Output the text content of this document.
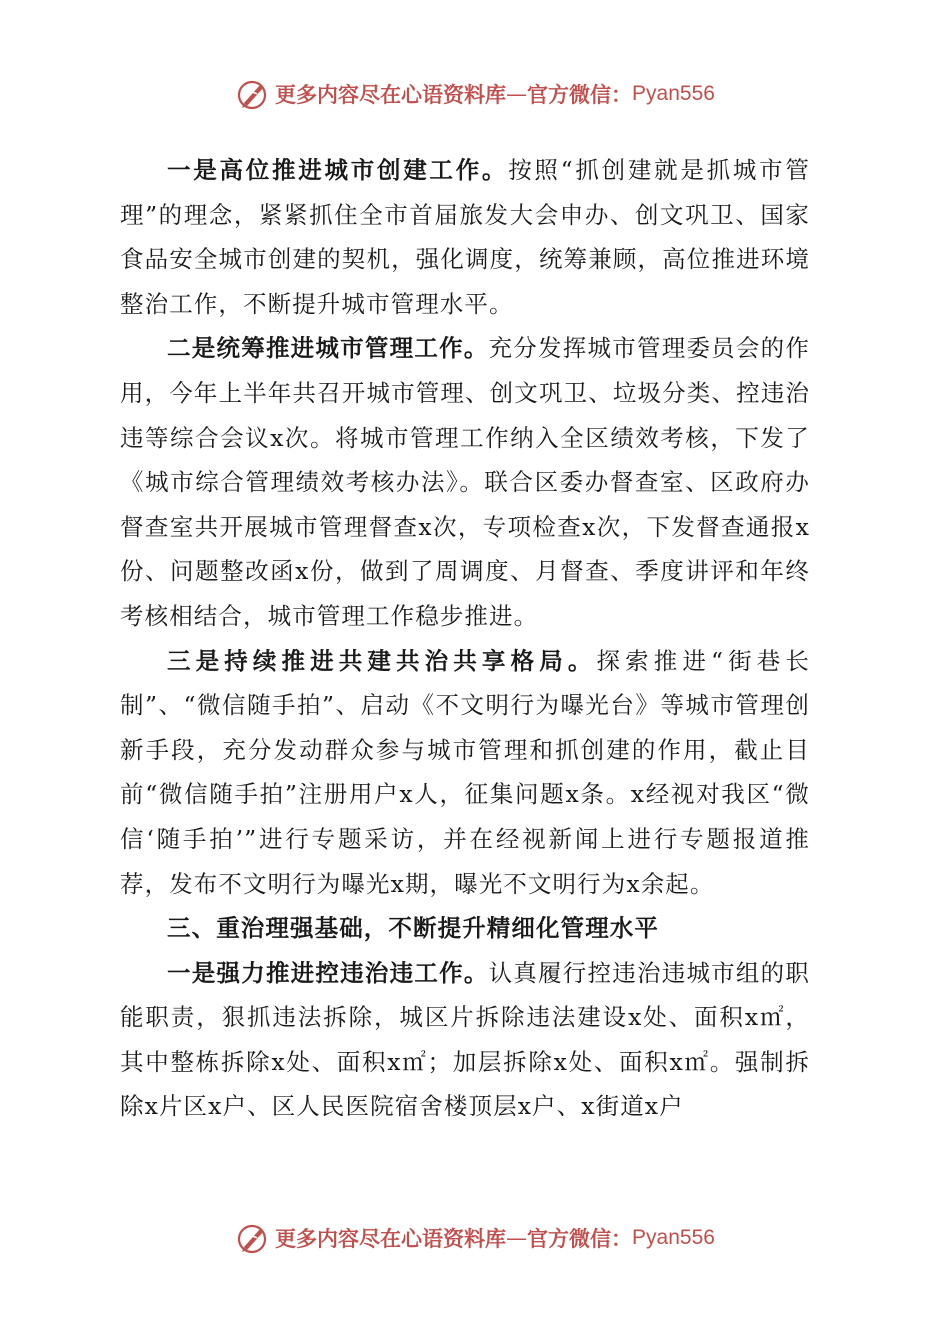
更多内容尽在心语资料库 — 官方微信： Pyan556

一是高位推进城市创建工作。按照“抓创建就是抓城市管理”的理念，紧紧抓住全市首届旅发大会申办、创文巩卫、国家食品安全城市创建的契机，强化调度，统筹兼顾，高位推进环境整治工作，不断提升城市管理水平。

二是统筹推进城市管理工作。充分发挥城市管理委员会的作用，今年上半年共召开城市管理、创文巩卫、垃圾分类、控违治违等综合会议x次。将城市管理工作纳入全区绩效考核，下发了《城市综合管理绩效考核办法》。联合区委办督查室、区政府办督查室共开展城市管理督查x次，专项检查x次，下发督查通报x份、问题整改函x份，做到了周调度、月督查、季度讲评和年终考核相结合，城市管理工作稳步推进。

三是持续推进共建共治共享格局。探索推进“街巷长制”、“微信随手拍”、启动《不文明行为曝光台》等城市管理创新手段，充分发动群众参与城市管理和抓创建的作用，截止目前“微信随手拍”注册用户x人，征集问题x条。x经视对我区“微信‘随手拍’”进行专题采访，并在经视新闻上进行专题报道推荐，发布不文明行为曝光x期，曝光不文明行为x余起。

三、重治理强基础，不断提升精细化管理水平

一是强力推进控违治违工作。认真履行控违治违城市组的职能职责，狠抓违法拆除，城区片拆除违法建设x处、面积x㎡，其中整栋拆除x处、面积x㎡；加层拆除x处、面积x㎡。强制拆除x片区x户、区人民医院宿舍楼顶层x户、x街道x户

更多内容尽在心语资料库 — 官方微信： Pyan556
